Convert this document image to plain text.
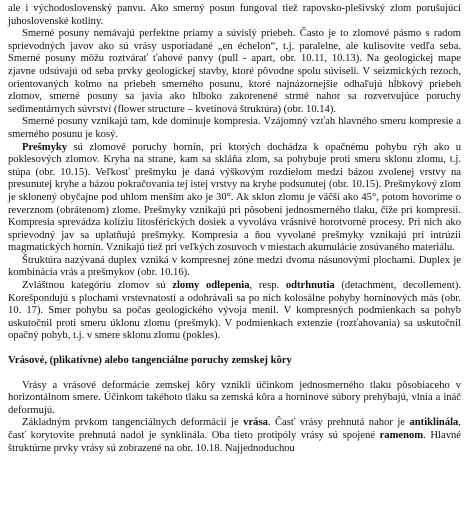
ale i východoslovenský panvu. Ako smerný posun fungoval tiež rapovsko-plešivský zlom porušujúci juhoslovenské kotliny.

Smerné posuny nemávajú perfektne priamy a súvislý priebeh. Často je to zlomové pásmo s radom sprievodných javov ako sú vrásy usporiadané „en échelon“, t.j. paralelne, ale kulisovite vedľa seba. Smerné posuny môžu roztvárať ťahové panvy (pull - apart, obr. 10.11, 10.13). Na geologickej mape zjavne odsúvajú od seba prvky geologickej stavby, ktoré pôvodne spolu súviseli. V seizmických rezoch, orientovaných kolmo na priebeh smerného posunu, ktoré najnázornejšie odhaľujú hĺbkový priebeh zlomov, smerné posuny sa javia ako hlboko zakorenené strmé nahor sa rozvetvujúce poruchy sedimentárnych súvrství (flower structure – kvetinová štruktúra) (obr. 10.14).

Smerné posuny vznikajú tam, kde dominuje kompresia. Vzájomný vzťah hlavného smeru kompresie a smerného posunu je kosý.

Prešmyky sú zlomové poruchy hornín, pri ktorých dochádza k opačnému pohybu rýh ako u poklesových zlomov. Kryha na strane, kam sa skláňa zlom, sa pohybuje proti smeru sklonu zlomu, t.j. stúpa (obr. 10.15). Veľkosť prešmyku je daná výškovým rozdielom medzi bázou zvolenej vrstvy na presunutej kryhe a bázou pokračovania tej istej vrstvy na kryhe podsunutej (obr. 10.15). Prešmykový zlom je sklonený obyčajne pod uhlom menším ako je 30°. Ak sklon zlomu je väčší ako 45°, potom hovoríme o reverznom (obrátenom) zlome. Prešmyky vznikajú pri pôsobení jednosmerného tlaku, čiže pri kompresii. Kompresia sprevádza kolíziu litosférických dosiek a vyvoláva vrásnivé horotvorné procesy. Pri nich ako sprievodný jav sa uplatňujú prešmyky. Kompresia a ňou vyvolané prešmyky vznikajú pri intrúzii magmatických hornín. Vznikajú tiež pri veľkých zosuvoch v miestach akumulácie zosúvaného materiálu.

Štruktúra nazývaná duplex vzniká v kompresnej zóne medzi dvoma násunovými plochami. Duplex je kombinácia vrás a prešmykov (obr. 10.16).

Zvláštnou kategóriu zlomov sú zlomy odlepenia, resp. odtrhnutia (detachment, decollement). Korešpondujú s plochami vrstevnatosti a odohrávali sa po nich kolosálne pohyby horninových más (obr. 10. 17). Smer pohybu sa počas geologického vývoja menil. V kompresných podmienkach sa pohyb uskutočnil proti smeru úklonu zlomu (prešmyk). V podmienkach extenzie (rozťahovania) sa uskutočnil opačný pohyb, t.j. v smere sklonu zlomu (pokles).

Vrásové, (plikatívne) alebo tangenciálne poruchy zemskej kôry

Vrásy a vrásové deformácie zemskej kôry vznikli účinkom jednosmerného tlaku pôsobiaceho v horizontálnom smere. Účinkom takéhoto tlaku sa zemská kôra a horninové súbory prehýbajú, vlnia a ináč deformujú.

Základným prvkom tangenciálnych deformácií je vrása. Časť vrásy prehnutá nahor je antiklinála, časť korytovite prehnutá nadol je synklinála. Oba tieto protipóly vrásy sú spojené ramenom. Hlavné štruktúrne prvky vrásy sú zobrazené na obr. 10.18. Najjednoduchou
